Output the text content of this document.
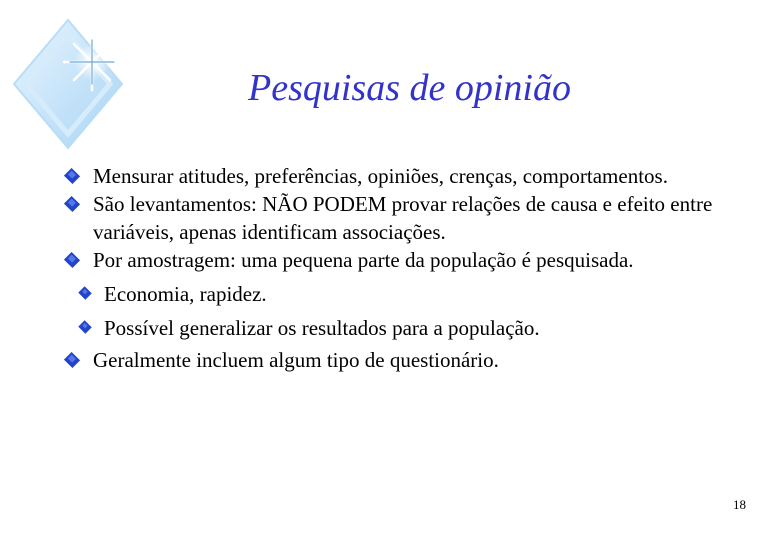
Pesquisas de opinião
Mensurar atitudes, preferências, opiniões, crenças, comportamentos.
São levantamentos: NÃO PODEM provar relações de causa e efeito entre variáveis, apenas identificam associações.
Por amostragem: uma pequena parte da população é pesquisada.
Economia, rapidez.
Possível generalizar os resultados para a população.
Geralmente incluem algum tipo de questionário.
18
